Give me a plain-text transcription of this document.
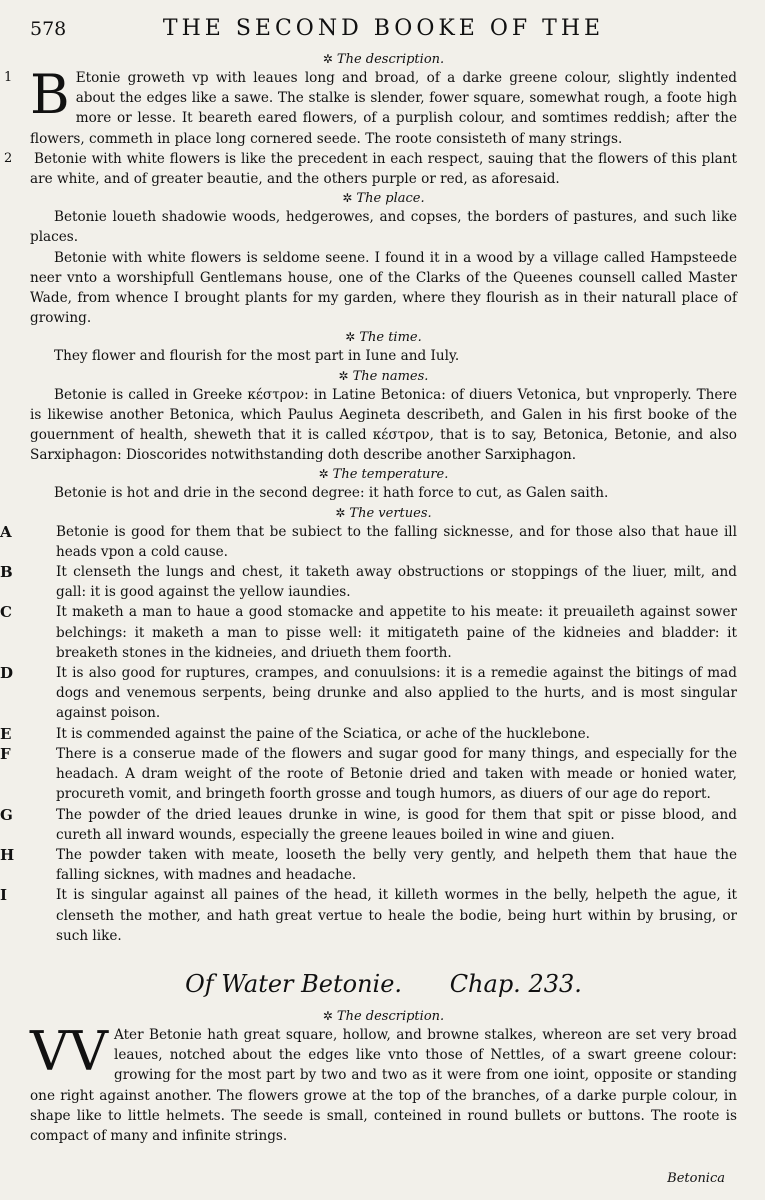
578	THE SECOND BOOKE OF THE
✲ The description.

1 B Etonie groweth vp with leaues long and broad, of a darke greene colour, slightly indented about the edges like a sawe. The stalke is slender, fower square, somewhat rough, a foote high more or lesse. It beareth eared flowers, of a purplish colour, and somtimes reddish; after the flowers, commeth in place long cornered seede. The roote consisteth of many strings.

2 Betonie with white flowers is like the precedent in each respect, sauing that the flowers of this plant are white, and of greater beautie, and the others purple or red, as aforesaid.

✲ The place.

Betonie loueth shadowie woods, hedgerowes, and copses, the borders of pastures, and such like places.

Betonie with white flowers is seldome seene. I found it in a wood by a village called Hampsteede neer vnto a worshipfull Gentlemans house, one of the Clarks of the Queenes counsell called Master Wade, from whence I brought plants for my garden, where they flourish as in their naturall place of growing.

✲ The time.

They flower and flourish for the most part in Iune and Iuly.

✲ The names.

Betonie is called in Greeke κέστρον: in Latine Betonica: of diuers Vetonica, but vnproperly. There is likewise another Betonica, which Paulus Aegineta describeth, and Galen in his first booke of the gouernment of health, sheweth that it is called κέστρον, that is to say, Betonica, Betonie, and also Sarxiphagon: Dioscorides notwithstanding doth describe another Sarxiphagon.

✲ The temperature.

Betonie is hot and drie in the second degree: it hath force to cut, as Galen saith.

✲ The vertues.

A	Betonie is good for them that be subiect to the falling sicknesse, and for those also that haue ill heads vpon a cold cause.

B	It clenseth the lungs and chest, it taketh away obstructions or stoppings of the liuer, milt, and gall: it is good against the yellow iaundies.

C	It maketh a man to haue a good stomacke and appetite to his meate: it preuaileth against sower belchings: it maketh a man to pisse well: it mitigateth paine of the kidneies and bladder: it breaketh stones in the kidneies, and driueth them foorth.

D	It is also good for ruptures, crampes, and conuulsions: it is a remedie against the bitings of mad dogs and venemous serpents, being drunke and also applied to the hurts, and is most singular against poison.

E	It is commended against the paine of the Sciatica, or ache of the hucklebone.

F	There is a conserue made of the flowers and sugar good for many things, and especially for the headach. A dram weight of the roote of Betonie dried and taken with meade or honied water, procureth vomit, and bringeth foorth grosse and tough humors, as diuers of our age do report.

G	The powder of the dried leaues drunke in wine, is good for them that spit or pisse blood, and cureth all inward wounds, especially the greene leaues boiled in wine and giuen.

H	The powder taken with meate, looseth the belly very gently, and helpeth them that haue the falling sicknes, with madnes and headache.

I	It is singular against all paines of the head, it killeth wormes in the belly, helpeth the ague, it clenseth the mother, and hath great vertue to heale the bodie, being hurt within by brusing, or such like.

Of Water Betonie. Chap. 233.
✲ The description.

VV Ater Betonie hath great square, hollow, and browne stalkes, whereon are set very broad leaues, notched about the edges like vnto those of Nettles, of a swart greene colour: growing for the most part by two and two as it were from one ioint, opposite or standing one right against another. The flowers growe at the top of the branches, of a darke purple colour, in shape like to little helmets. The seede is small, conteined in round bullets or buttons. The roote is compact of many and infinite strings.

Betonica
